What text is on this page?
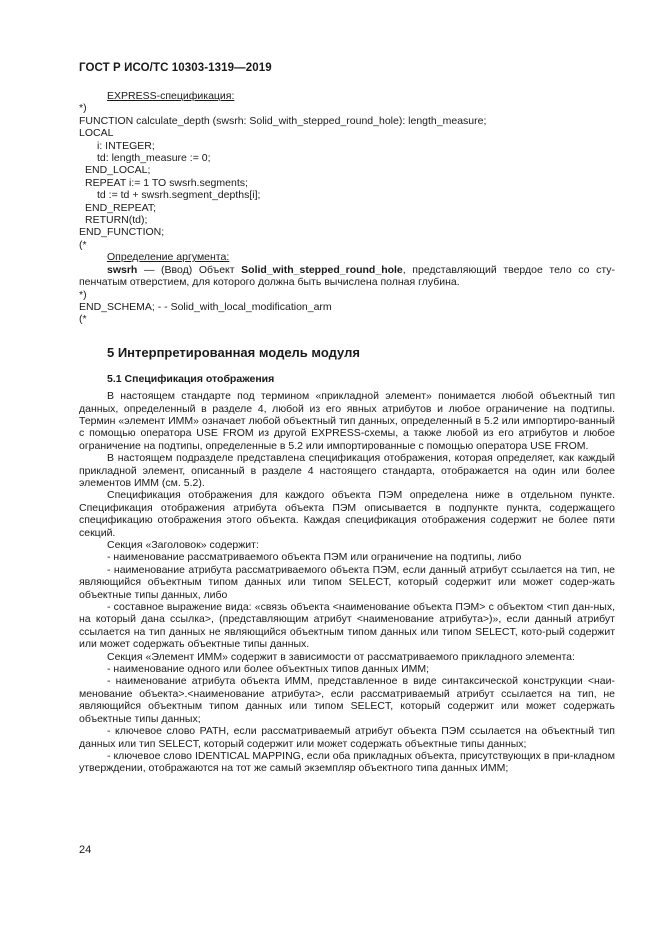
ГОСТ Р ИСО/ТС 10303-1319—2019
EXPRESS-спецификация:
*)
FUNCTION calculate_depth (swsrh: Solid_with_stepped_round_hole): length_measure;
LOCAL
i: INTEGER;
td: length_measure := 0;
END_LOCAL;
REPEAT i:= 1 TO swsrh.segments;
td := td + swsrh.segment_depths[i];
END_REPEAT;
RETURN(td);
END_FUNCTION;
(*
Определение аргумента:
swsrh — (Ввод) Объект Solid_with_stepped_round_hole, представляющий твердое тело со сту-пенчатым отверстием, для которого должна быть вычислена полная глубина.
*)
END_SCHEMA; - - Solid_with_local_modification_arm
(*
5 Интерпретированная модель модуля
5.1 Спецификация отображения
В настоящем стандарте под термином «прикладной элемент» понимается любой объектный тип данных, определенный в разделе 4, любой из его явных атрибутов и любое ограничение на подтипы. Термин «элемент ИММ» означает любой объектный тип данных, определенный в 5.2 или импортиро-ванный с помощью оператора USE FROM из другой EXPRESS-схемы, а также любой из его атрибутов и любое ограничение на подтипы, определенные в 5.2 или импортированные с помощью оператора USE FROM.
В настоящем подразделе представлена спецификация отображения, которая определяет, как каждый прикладной элемент, описанный в разделе 4 настоящего стандарта, отображается на один или более элементов ИММ (см. 5.2).
Спецификация отображения для каждого объекта ПЭМ определена ниже в отдельном пункте. Спецификация отображения атрибута объекта ПЭМ описывается в подпункте пункта, содержащего спецификацию отображения этого объекта. Каждая спецификация отображения содержит не более пяти секций.
Секция «Заголовок» содержит:
- наименование рассматриваемого объекта ПЭМ или ограничение на подтипы, либо
- наименование атрибута рассматриваемого объекта ПЭМ, если данный атрибут ссылается на тип, не являющийся объектным типом данных или типом SELECT, который содержит или может содер-жать объектные типы данных, либо
- составное выражение вида: «связь объекта <наименование объекта ПЭМ> с объектом <тип дан-ных, на который дана ссылка>, (представляющим атрибут <наименование атрибута>)», если данный атрибут ссылается на тип данных не являющийся объектным типом данных или типом SELECT, кото-рый содержит или может содержать объектные типы данных.
Секция «Элемент ИММ» содержит в зависимости от рассматриваемого прикладного элемента:
- наименование одного или более объектных типов данных ИММ;
- наименование атрибута объекта ИММ, представленное в виде синтаксической конструкции <наи-менование объекта>.<наименование атрибута>, если рассматриваемый атрибут ссылается на тип, не являющийся объектным типом данных или типом SELECT, который содержит или может содержать объектные типы данных;
- ключевое слово PATH, если рассматриваемый атрибут объекта ПЭМ ссылается на объектный тип данных или тип SELECT, который содержит или может содержать объектные типы данных;
- ключевое слово IDENTICAL MAPPING, если оба прикладных объекта, присутствующих в при-кладном утверждении, отображаются на тот же самый экземпляр объектного типа данных ИММ;
24
